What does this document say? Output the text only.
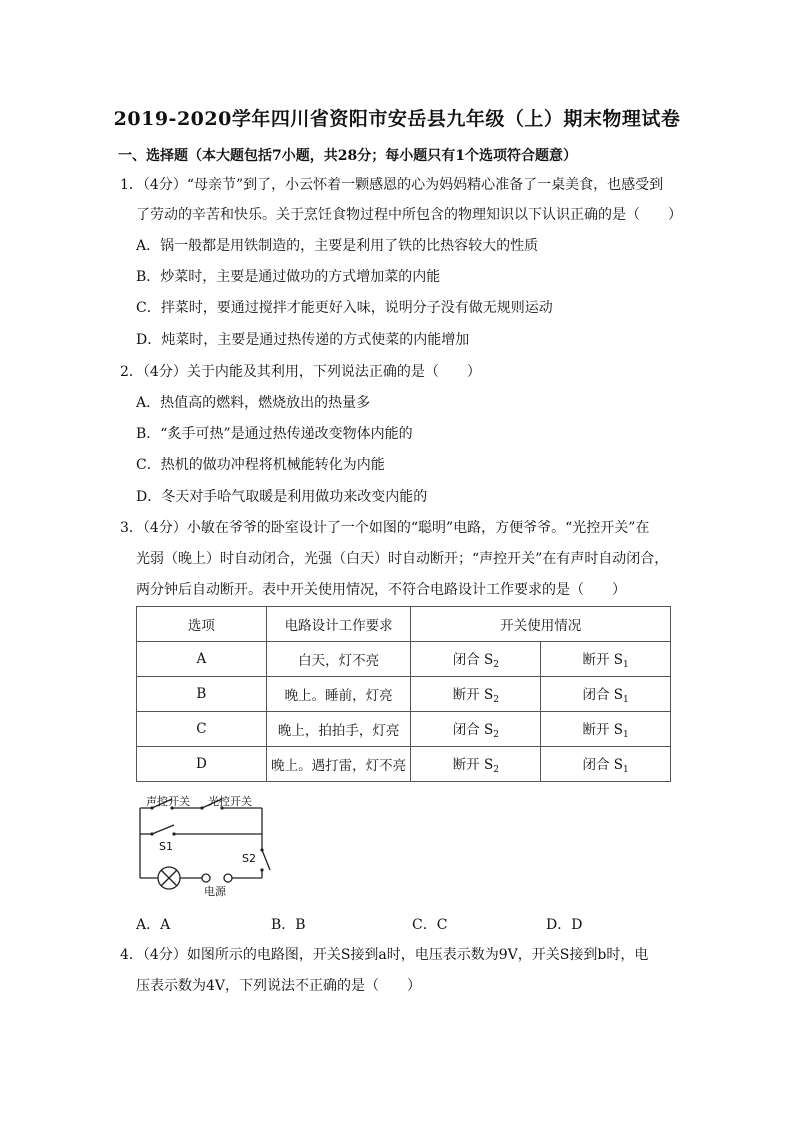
2019-2020学年四川省资阳市安岳县九年级（上）期末物理试卷
一、选择题（本大题包括7小题，共28分；每小题只有1个选项符合题意）
1．（4分）“母亲节”到了，小云怀着一颗感恩的心为妈妈精心准备了一桌美食，也感受到
了劳动的辛苦和快乐。关于烹饪食物过程中所包含的物理知识以下认识正确的是（　　）
A．锅一般都是用铁制造的，主要是利用了铁的比热容较大的性质
B．炒菜时，主要是通过做功的方式增加菜的内能
C．拌菜时，要通过搅拌才能更好入味，说明分子没有做无规则运动
D．炖菜时，主要是通过热传递的方式使菜的内能增加
2．（4分）关于内能及其利用，下列说法正确的是（　　）
A．热值高的燃料，燃烧放出的热量多
B．“炙手可热”是通过热传递改变物体内能的
C．热机的做功冲程将机械能转化为内能
D．冬天对手哈气取暖是利用做功来改变内能的
3．（4分）小敏在爷爷的卧室设计了一个如图的“聪明”电路，方便爷爷。“光控开关”在
光弱（晚上）时自动闭合，光强（白天）时自动断开；“声控开关”在有声时自动闭合，
两分钟后自动断开。表中开关使用情况，不符合电路设计工作要求的是（　　）
选项	电路设计工作要求	开关使用情况	
A	白天，灯不亮	闭合 $S_2$	断开 $S_1$
B	晚上。睡前，灯亮	断开 $S_2$	闭合 $S_1$
C	晚上，拍拍手，灯亮	闭合 $S_2$	断开 $S_1$
D	晚上。遇打雷，灯不亮	断开 $S_2$	闭合 $S_1$
声控开关 光控开关
S1
S2
电源
A．A	B．B	C．C	D．D
4．（4分）如图所示的电路图，开关S接到a时，电压表示数为9V，开关S接到b时，电
压表示数为4V，下列说法不正确的是（　　）
